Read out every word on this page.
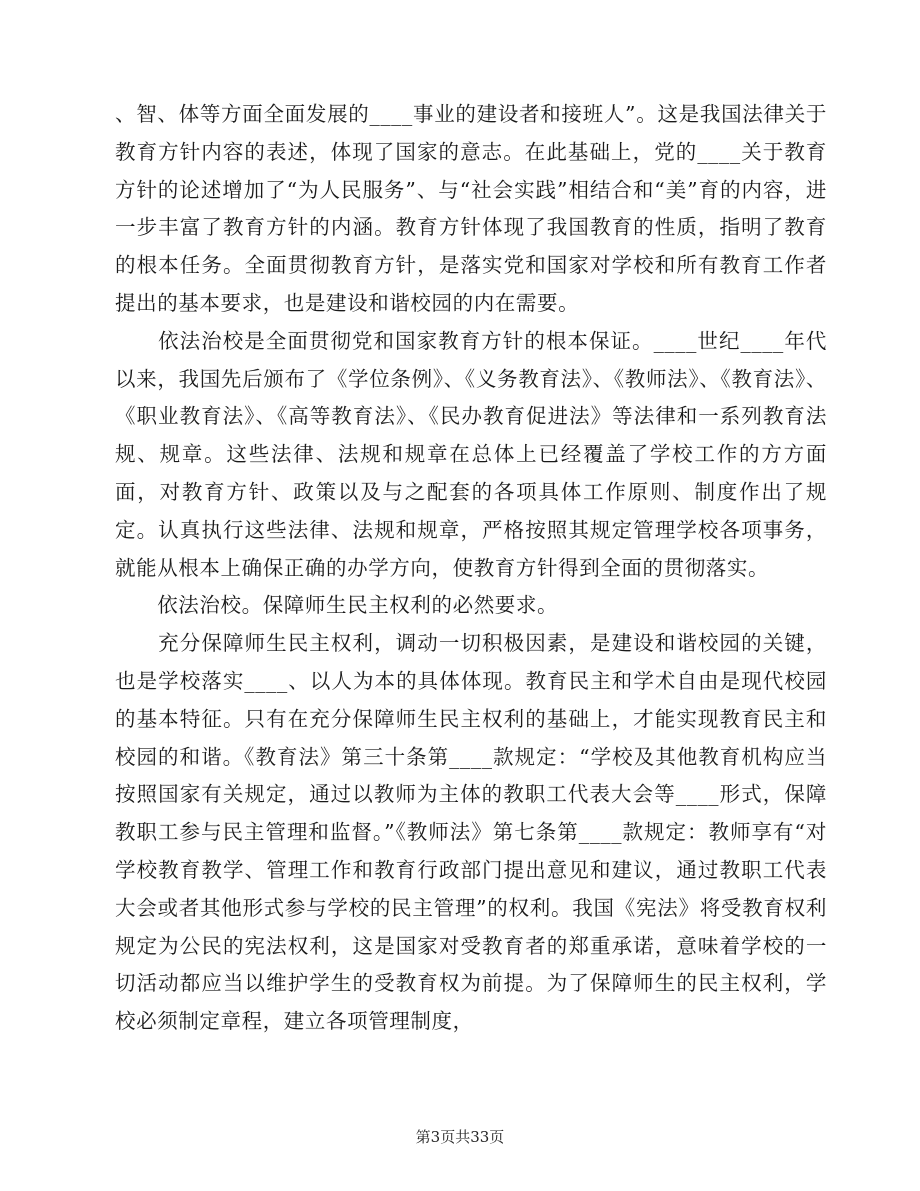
、智、体等方面全面发展的____事业的建设者和接班人”。这是我国法律关于教育方针内容的表述，体现了国家的意志。在此基础上，党的____关于教育方针的论述增加了“为人民服务”、与“社会实践”相结合和“美”育的内容，进一步丰富了教育方针的内涵。教育方针体现了我国教育的性质，指明了教育的根本任务。全面贯彻教育方针，是落实党和国家对学校和所有教育工作者提出的基本要求，也是建设和谐校园的内在需要。

　　依法治校是全面贯彻党和国家教育方针的根本保证。____世纪____年代以来，我国先后颁布了《学位条例》、《义务教育法》、《教师法》、《教育法》、《职业教育法》、《高等教育法》、《民办教育促进法》等法律和一系列教育法规、规章。这些法律、法规和规章在总体上已经覆盖了学校工作的方方面面，对教育方针、政策以及与之配套的各项具体工作原则、制度作出了规定。认真执行这些法律、法规和规章，严格按照其规定管理学校各项事务，就能从根本上确保正确的办学方向，使教育方针得到全面的贯彻落实。

　　依法治校。保障师生民主权利的必然要求。

　　充分保障师生民主权利，调动一切积极因素，是建设和谐校园的关键，也是学校落实____、以人为本的具体体现。教育民主和学术自由是现代校园的基本特征。只有在充分保障师生民主权利的基础上，才能实现教育民主和校园的和谐。《教育法》第三十条第____款规定：“学校及其他教育机构应当按照国家有关规定，通过以教师为主体的教职工代表大会等____形式，保障教职工参与民主管理和监督。”《教师法》第七条第____款规定：教师享有“对学校教育教学、管理工作和教育行政部门提出意见和建议，通过教职工代表大会或者其他形式参与学校的民主管理”的权利。我国《宪法》将受教育权利规定为公民的宪法权利，这是国家对受教育者的郑重承诺，意味着学校的一切活动都应当以维护学生的受教育权为前提。为了保障师生的民主权利，学校必须制定章程，建立各项管理制度，

第3页共33页
